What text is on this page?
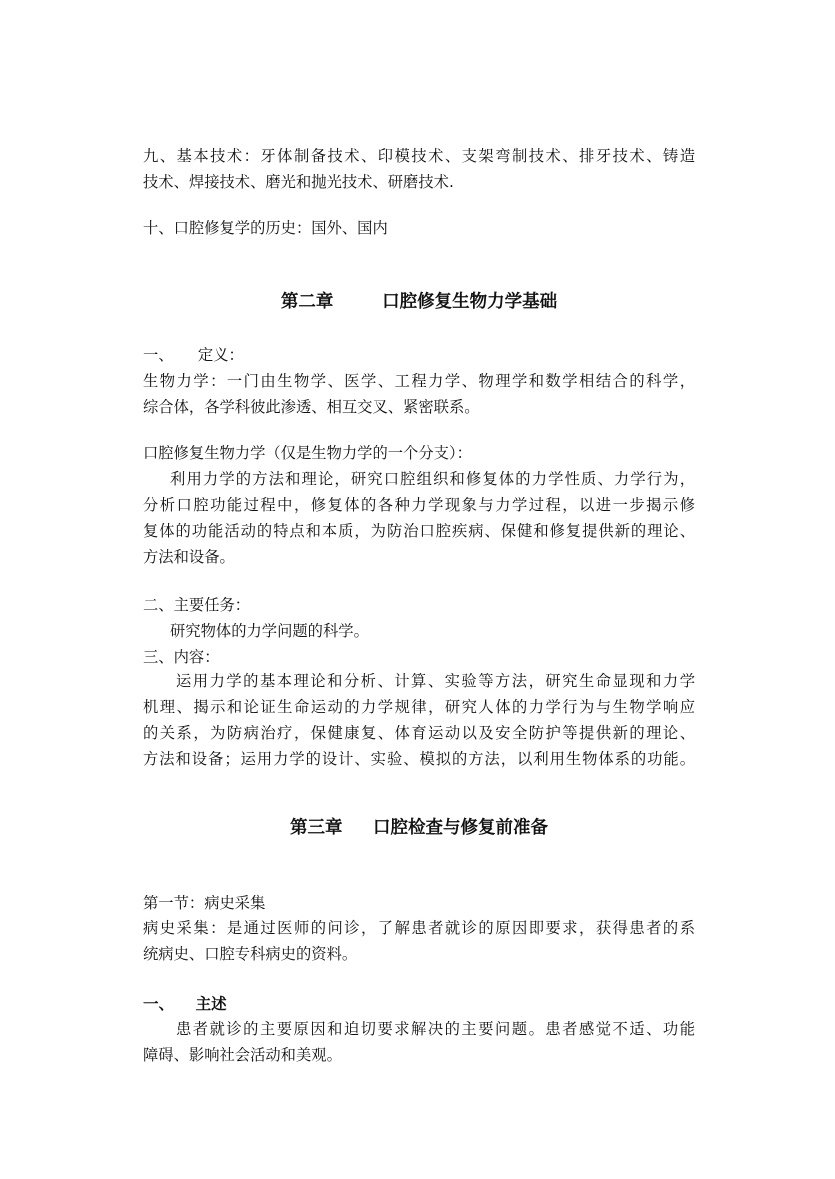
九、基本技术：牙体制备技术、印模技术、支架弯制技术、排牙技术、铸造
技术、焊接技术、磨光和抛光技术、研磨技术.
十、口腔修复学的历史：国外、国内
第二章        口腔修复生物力学基础
一、     定义：
生物力学：一门由生物学、医学、工程力学、物理学和数学相结合的科学，
综合体，各学科彼此渗透、相互交叉、紧密联系。
口腔修复生物力学（仅是生物力学的一个分支）：
利用力学的方法和理论，研究口腔组织和修复体的力学性质、力学行为，
分析口腔功能过程中，修复体的各种力学现象与力学过程，以进一步揭示修
复体的功能活动的特点和本质，为防治口腔疾病、保健和修复提供新的理论、
方法和设备。
二、主要任务：
研究物体的力学问题的科学。
三、内容：
运用力学的基本理论和分析、计算、实验等方法，研究生命显现和力学
机理、揭示和论证生命运动的力学规律，研究人体的力学行为与生物学响应
的关系，为防病治疗，保健康复、体育运动以及安全防护等提供新的理论、
方法和设备；运用力学的设计、实验、模拟的方法，以利用生物体系的功能。
第三章     口腔检查与修复前准备
第一节：病史采集
病史采集：是通过医师的问诊，了解患者就诊的原因即要求，获得患者的系
统病史、口腔专科病史的资料。
一、    主述
患者就诊的主要原因和迫切要求解决的主要问题。患者感觉不适、功能
障碍、影响社会活动和美观。
